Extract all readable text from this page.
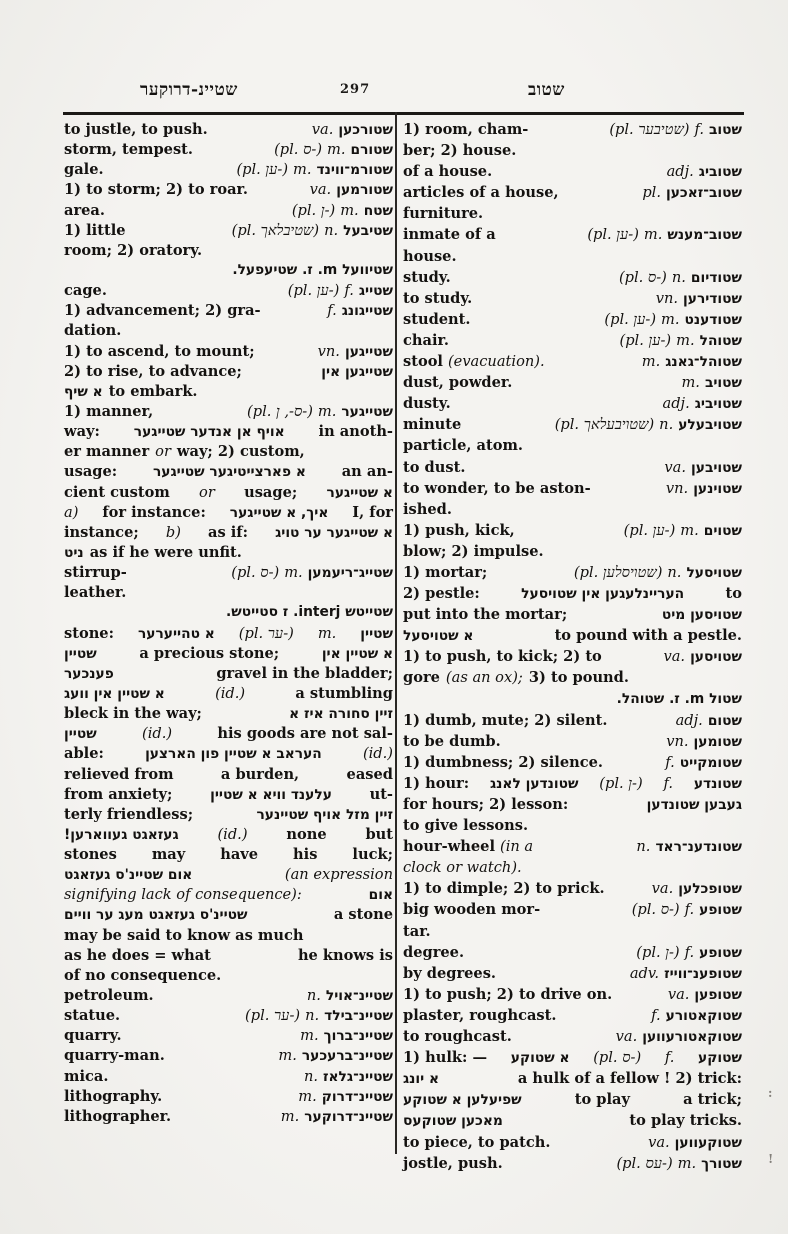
שטיינ-דרוקער	297	שטוב
to justle, to push.	va. שטורכען
storm, tempest.	(pl. ס-) m. שטורם
gale.	(pl. ען-) m. שטורמ־ווינד
1) to storm; 2) to roar.	va. שטורמען
area.	(pl. ן-) m. שטח
1) little	(pl. שטיבלאך) n. שטיבעל
room; 2) oratory.
שטיוועל m. ז. שטיעפעל.
cage.	(pl. ען-) f. שטייג
1) advancement; 2) gra-	f. שטייגונג
dation.
1) to ascend, to mount;	vn. שטייגען
2) to rise, to advance;	שטייגען אין
א שיף to embark.
1) manner,	(pl. ס-, ן-) m. שטייגער
way: אויף אן אנדער שטייגער in anoth-
er manner or way; 2) custom,
usage:	א פארצייטיגער שטייגער an an-
cient custom or usage; א שטייגער
a) for instance: איך, א שטייגער I, for
instance; b) as if: א שטייגער ער טויג
ניט as if he were unfit.
stirrup-	(pl. ס-) m. שטייג־ריעמען
leather.
שטייטש interj. ז סטייטש.
stone: א טהייערער (pl. ער-) m. שטיין
שטיין	a precious stone;	א שטיין אין
פענכער	gravel in the bladder;
א שטיין אין וועג	(id.)	a stumbling
bleck in the way;	זיין סחורה איז א
שטיין	(id.)	his goods are not sal-
able:	העראב א שטיין פון הארצען	(id.)
relieved from	a burden,	eased
from anxiety;	עלענד וויא א שטיין	ut-
terly friendless;	זיין מזל אויף שטיינער
געזאגט געווארען!	(id.)	none	but
stones may have his luck;
אום שטיינ'ס געזאגט	(an expression
signifying lack of consequence):	אום
שטיינ'ס געזאגט מעג ער וויים	a stone
may be said to know as much
as he does = what	he knows is
of no consequence.
petroleum.	n. שטיינ־אויל
statue.	(pl. ער-) n. שטיינ־בילד
quarry.	m. שטיינ־ברוך
quarry-man.	m. שטיינ־ברעכער
mica.	n. שטיינ־גלאז
lithography.	m. שטיינ־דרוק
lithographer.	m. שטיינ־דרוקער
1) room, cham-	(pl. שטיבער) f. שטוב
ber; 2) house.
of a house.	adj. שטוביג
articles of a house,	pl. שטוב־זאכען
furniture.
inmate of a	(pl. ען-) m. שטוב־מענש
house.
study.	(pl. ס-) n. שטודיום
to study.	vn. שטודירען
student.	(pl. ען-) m. שטודענט
chair.	(pl. ען-) m. שטוהל
stool (evacuation).	m. שטוהל־גאנג
dust, powder.	m. שטויב
dusty.	adj. שטויביג
minute	(pl. שטויבעלאך) n. שטויבעלע
particle, atom.
to dust.	va. שטויבען
to wonder, to be aston-	vn. שטוינען
ished.
1) push, kick,	(pl. ען-) m. שטוים
blow; 2) impulse.
1) mortar;	(pl. שטויסלען) n. שטויסעל
2) pestle:	העריינלעגען אין שטויסעל	to
put into the mortar;	שטויסען מיט
א שטויסעל	to pound with a pestle.
1) to push, to kick; 2) to	va. שטויסען
gore (as an ox); 3) to pound.
שטול m. ז. שטוהל.
1) dumb, mute; 2) silent.	adj. שטום
to be dumb.	vn. שטומען
1) dumbness; 2) silence.	f. שטומקייט
1) hour: שטונדען לאנג (pl. ן-) f. שטונדע
for hours; 2) lesson:	געבען שטונדען
to give lessons.
hour-wheel (in a	n. שטונדענ־ראד
clock or watch).
1) to dimple; 2) to prick.	va. שטופכלען
big wooden mor-	(pl. ס-) f. שטופע
tar.
degree.	(pl. ן-) f. שטופע
by degrees.	adv. שטופענ־ווייז
1) to push; 2) to drive on.	va. שטופען
plaster, roughcast.	f. שטוקאטורע
to roughcast.	va. שטוקאטורעווען
1) hulk: — א שטוקע (pl. ס-) f. שטוקע
א יונג	a hulk of a fellow ! 2) trick:
שפיעלען א שטוקע	to play	a trick;
מאכען שטוקעס	to play tricks.
to piece, to patch.	va. שטוקעווען
jostle, push.	(pl. עס-) m. שטורך
:
!
